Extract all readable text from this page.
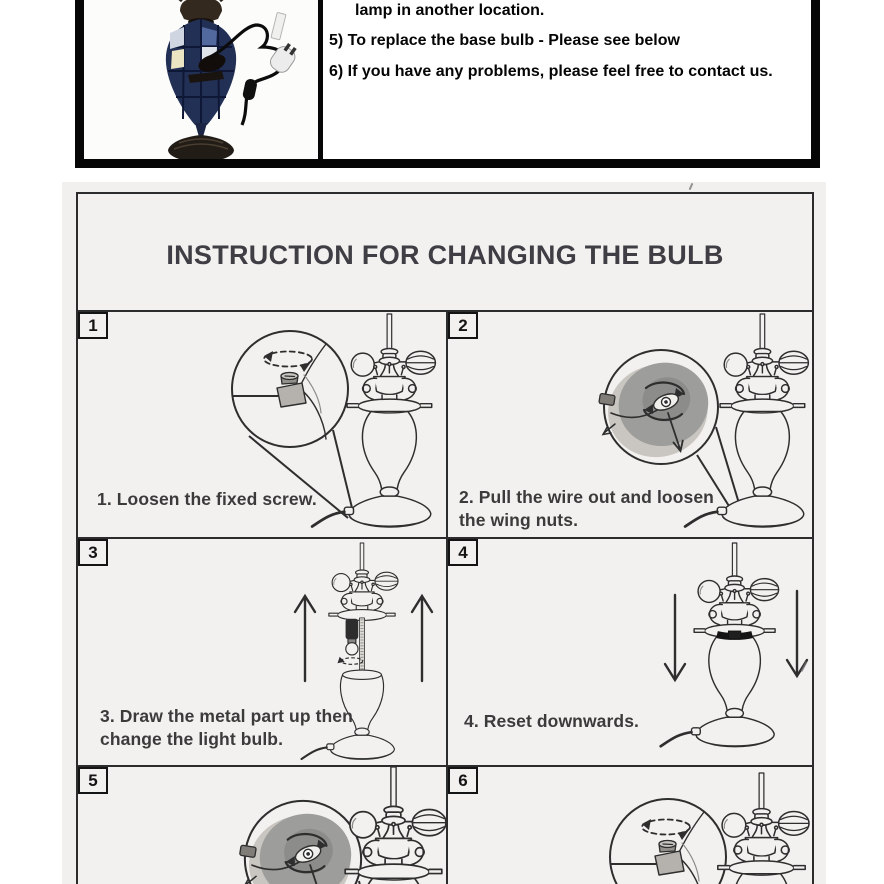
lamp in another location.

5) To replace the base bulb - Please see below

6) If you have any problems, please feel free to contact us.

INSTRUCTION FOR CHANGING THE BULB
1
1. Loosen the fixed screw.
2
2. Pull the wire out and loosen
the wing nuts.
3
3. Draw the metal part up then
change the light bulb.
4
4. Reset downwards.
5	6
